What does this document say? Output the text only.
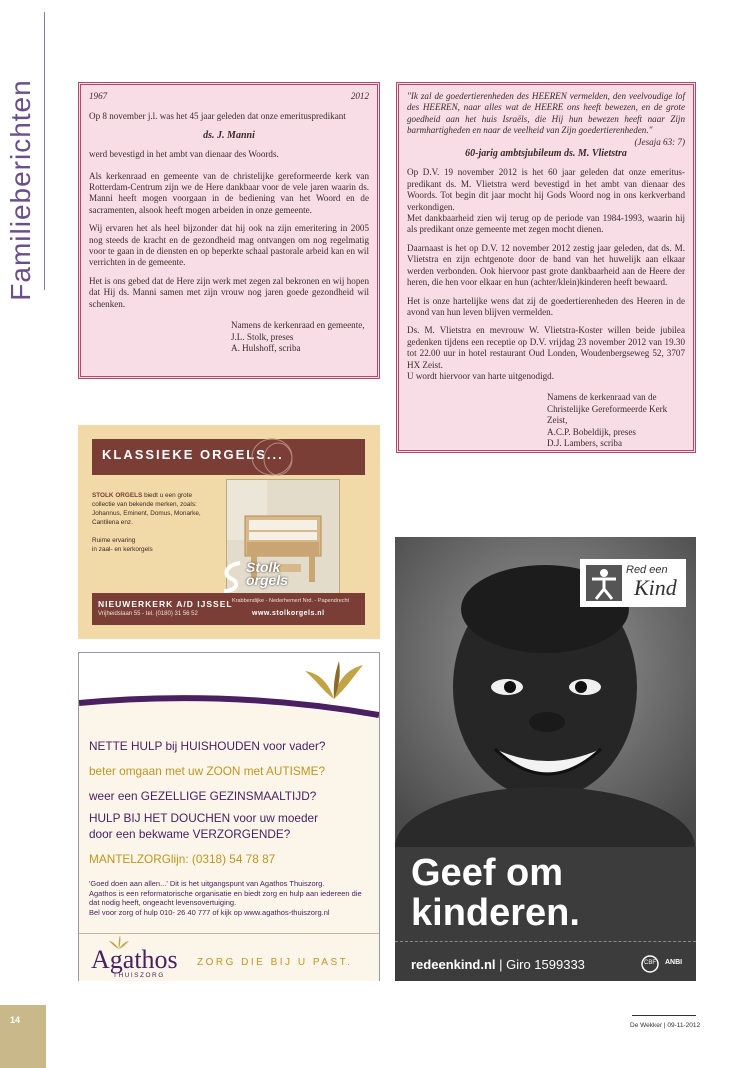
Familieberichten	1967	2012

Op 8 november j.l. was het 45 jaar geleden dat onze emerituspredikant

ds. J. Manni

werd bevestigd in het ambt van dienaar des Woords.

Als kerkenraad en gemeente van de christelijke gereformeerde kerk van Rotterdam-Centrum zijn we de Here dankbaar voor de vele jaren waarin ds. Manni heeft mogen voorgaan in de bediening van het Woord en de sacramenten, alsook heeft mogen arbeiden in onze gemeente.

Wij ervaren het als heel bijzonder dat hij ook na zijn emeritering in 2005 nog steeds de kracht en de gezondheid mag ontvangen om nog regelmatig voor te gaan in de diensten en op beperkte schaal pastorale arbeid kan en wil verrichten in de gemeente.

Het is ons gebed dat de Here zijn werk met zegen zal bekronen en wij hopen dat Hij ds. Manni samen met zijn vrouw nog jaren goede gezondheid wil schenken.

Namens de kerkenraad en gemeente,

J.L. Stolk, preses

A. Hulshoff, scriba

"Ik zal de goedertierenheden des HEEREN vermelden, den veelvoudige lof des HEEREN, naar alles wat de HEERE ons heeft bewezen, en de grote goedheid aan het huis Israëls, die Hij hun bewezen heeft naar Zijn barmhartigheden en naar de veelheid van Zijn goedertierenheden."
(Jesaja 63: 7)

60-jarig ambtsjubileum ds. M. Vlietstra

Op D.V. 19 november 2012 is het 60 jaar geleden dat onze emeritus-predikant ds. M. Vlietstra werd bevestigd in het ambt van dienaar des Woords. Tot begin dit jaar mocht hij Gods Woord nog in ons kerkverband verkondigen.

Met dankbaarheid zien wij terug op de periode van 1984-1993, waarin hij als predikant onze gemeente met zegen mocht dienen.

Daarnaast is het op D.V. 12 november 2012 zestig jaar geleden, dat ds. M. Vlietstra en zijn echtgenote door de band van het huwelijk aan elkaar werden verbonden. Ook hiervoor past grote dankbaarheid aan de Heere der heren, die hen voor elkaar en hun (achter/klein)kinderen heeft bewaard.

Het is onze hartelijke wens dat zij de goedertierenheden des Heeren in de avond van hun leven blijven vermelden.

Ds. M. Vlietstra en mevrouw W. Vlietstra-Koster willen beide jubilea gedenken tijdens een receptie op D.V. vrijdag 23 november 2012 van 19.30 tot 22.00 uur in hotel restaurant Oud Londen, Woudenbergseweg 52, 3707 HX Zeist.

U wordt hiervoor van harte uitgenodigd.

Namens de kerkenraad van de

Christelijke Gereformeerde Kerk Zeist,

A.C.P. Bobeldijk, preses

D.J. Lambers, scriba

KLASSIEKE ORGELS...
STOLK ORGELS biedt u een grote collectie van bekende merken, zoals:
Johannus, Eminent, Domus, Monarke, Cantilena enz.

Ruime ervaring
in zaal- en kerkorgels
Stolk
orgels
NIEUWERKERK A/D IJSSEL
Vrijheidslaan 55 - tel. (0180) 31 56 52
Krabbendijke - Nederhemert Nrd. - Papendrecht
www.stolkorgels.nl
NETTE HULP bij HUISHOUDEN voor vader?
beter omgaan met uw ZOON met AUTISME?
weer een GEZELLIGE GEZINSMAALTIJD?
HULP BIJ HET DOUCHEN voor uw moeder
door een bekwame VERZORGENDE?
MANTELZORGlijn: (0318) 54 78 87
'Goed doen aan allen...' Dit is het uitgangspunt van Agathos Thuiszorg.
Agathos is een reformatorische organisatie en biedt zorg en hulp aan iedereen die dat nodig heeft, ongeacht levensovertuiging.
Bel voor zorg of hulp 010- 26 40 777 of kijk op www.agathos-thuiszorg.nl
Agathos
THUISZORG
ZORG DIE BIJ U PAST.
Red een
Kind
Geef om
kinderen.
redeenkind.nl | Giro 1599333	CBF ANBI
14
De Wekker | 09-11-2012
